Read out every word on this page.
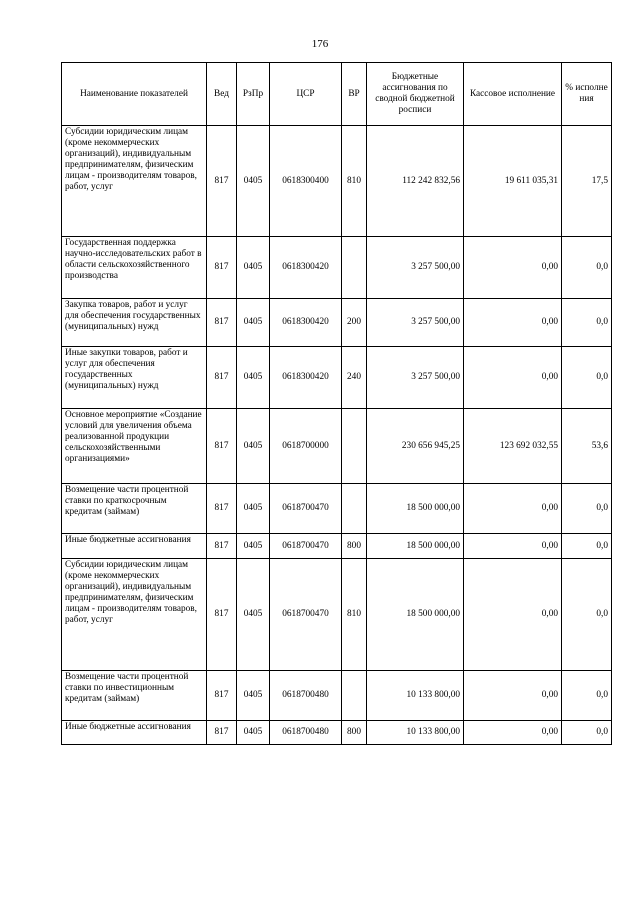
176
Наименование показателей	Вед	РзПр	ЦСР	ВР	Бюджетные ассигнования по сводной бюджетной росписи	Кассовое исполнение	% исполне ния
Субсидии юридическим лицам (кроме некоммерческих организаций), индивидуальным предпринимателям, физическим лицам - производителям товаров, работ, услуг	817	0405	0618300400	810	112 242 832,56	19 611 035,31	17,5
Государственная поддержка научно-исследовательских работ в области сельскохозяйственного производства	817	0405	0618300420		3 257 500,00	0,00	0,0
Закупка товаров, работ и услуг для обеспечения государственных (муниципальных) нужд	817	0405	0618300420	200	3 257 500,00	0,00	0,0
Иные закупки товаров, работ и услуг для обеспечения государственных (муниципальных) нужд	817	0405	0618300420	240	3 257 500,00	0,00	0,0
Основное мероприятие «Создание условий для увеличения объема реализованной продукции сельскохозяйственными организациями»	817	0405	0618700000		230 656 945,25	123 692 032,55	53,6
Возмещение части процентной ставки по краткосрочным кредитам (займам)	817	0405	0618700470		18 500 000,00	0,00	0,0
Иные бюджетные ассигнования	817	0405	0618700470	800	18 500 000,00	0,00	0,0
Субсидии юридическим лицам (кроме некоммерческих организаций), индивидуальным предпринимателям, физическим лицам - производителям товаров, работ, услуг	817	0405	0618700470	810	18 500 000,00	0,00	0,0
Возмещение части процентной ставки по инвестиционным кредитам (займам)	817	0405	0618700480		10 133 800,00	0,00	0,0
Иные бюджетные ассигнования	817	0405	0618700480	800	10 133 800,00	0,00	0,0
